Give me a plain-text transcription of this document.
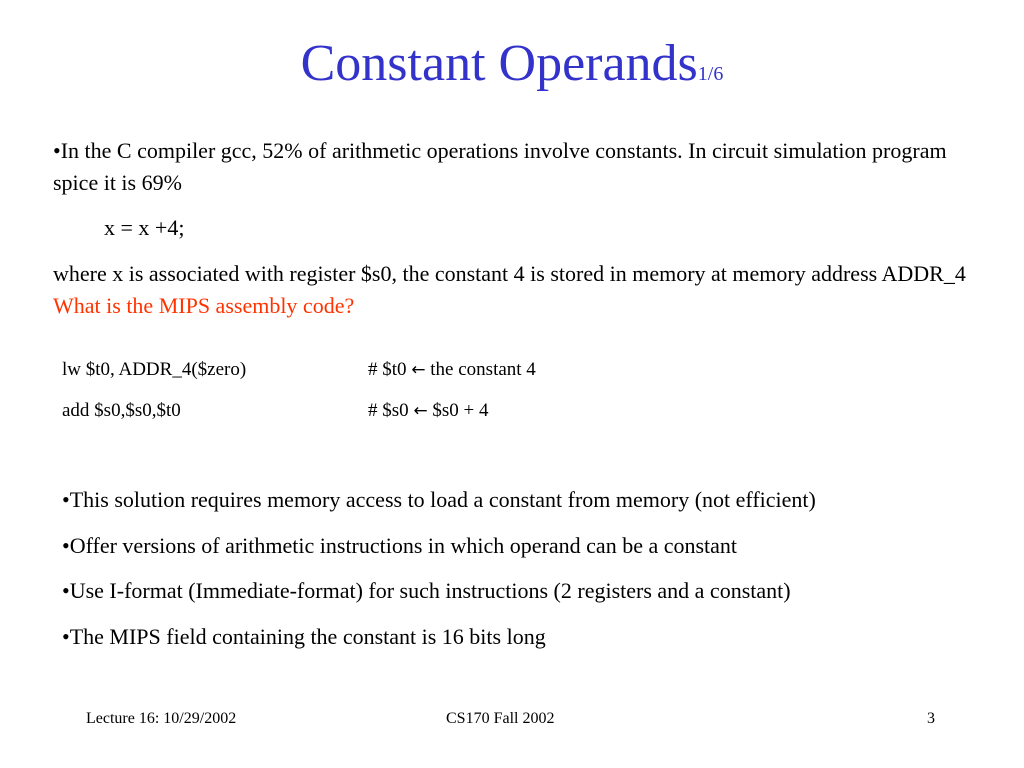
Constant Operands1/6
•In the C compiler gcc, 52% of arithmetic operations involve constants. In circuit simulation program spice it is 69%
x = x +4;
where x is associated with register $s0, the constant 4 is stored in memory at memory address ADDR_4 What is the MIPS assembly code?
lw $t0, ADDR_4($zero)	# $t0 ← the constant 4
add $s0,$s0,$t0	# $s0 ← $s0 + 4
•This solution requires memory access to load a constant from memory (not efficient)
•Offer versions of arithmetic instructions in which operand can be a constant
•Use I-format (Immediate-format) for such instructions (2 registers and a constant)
•The MIPS field containing the constant is 16 bits long
Lecture 16: 10/29/2002	CS170 Fall 2002	3
